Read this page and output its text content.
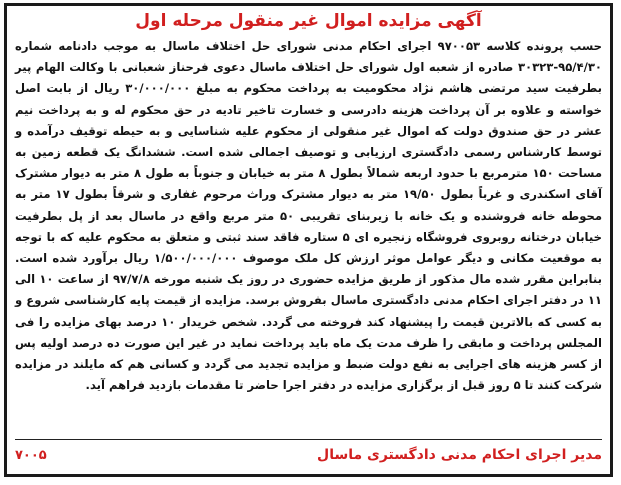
آگهی مزایده اموال غیر منقول مرحله اول
حسب پرونده کلاسه ۹۷۰۰۵۳ اجرای احکام مدنی شورای حل اختلاف ماسال به موجب دادنامه شماره ۹۵/۴/۳۰-۳۰۳۲۳ صادره از شعبه اول شورای حل اختلاف ماسال دعوی فرحناز شعبانی با وکالت الهام پیر بطرفیت سید مرتضی هاشم نژاد محکومیت به پرداخت محکوم به مبلغ ۳۰/۰۰۰/۰۰۰ ریال از بابت اصل خواسته و علاوه بر آن پرداخت هزینه دادرسی و خسارت تاخیر تادیه در حق محکوم له و به پرداخت نیم عشر در حق صندوق دولت که اموال غیر منقولی از محکوم علیه شناسایی و به حیطه توقیف درآمده و توسط کارشناس رسمی دادگستری ارزیابی و توصیف اجمالی شده است. ششدانگ یک قطعه زمین به مساحت ۱۵۰ مترمربع با حدود اربعه شمالاً بطول ۸ متر به خیابان و جنوباً به طول ۸ متر به دیوار مشترک آقای اسکندری و غرباً بطول ۱۹/۵۰ متر به دیوار مشترک وراث مرحوم غفاری و شرقاً بطول ۱۷ متر به محوطه خانه فروشنده و یک خانه با زیربنای تقریبی ۵۰ متر مربع واقع در ماسال بعد از پل بطرفیت خیابان درختانه روبروی فروشگاه زنجیره ای ۵ ستاره فاقد سند ثبتی و متعلق به محکوم علیه که با توجه به موقعیت مکانی و دیگر عوامل موثر ارزش کل ملک موصوف ۱/۵۰۰/۰۰۰/۰۰۰ ریال برآورد شده است. بنابراین مقرر شده مال مذکور از طریق مزایده حضوری در روز یک شنبه مورخه ۹۷/۷/۸ از ساعت ۱۰ الی ۱۱ در دفتر اجرای احکام مدنی دادگستری ماسال بفروش برسد. مزایده از قیمت پایه کارشناسی شروع و به کسی که بالاترین قیمت را پیشنهاد کند فروخته می گردد. شخص خریدار ۱۰ درصد بهای مزایده را فی المجلس پرداخت و مابقی را ظرف مدت یک ماه باید پرداخت نماید در غیر این صورت ده درصد اولیه پس از کسر هزینه های اجرایی به نفع دولت ضبط و مزایده تجدید می گردد و کسانی هم که مایلند در مزایده شرکت کنند تا ۵ روز قبل از برگزاری مزایده در دفتر اجرا حاضر تا مقدمات بازدید فراهم آید.
مدیر اجرای احکام مدنی دادگستری ماسال
۷۰۰۵
